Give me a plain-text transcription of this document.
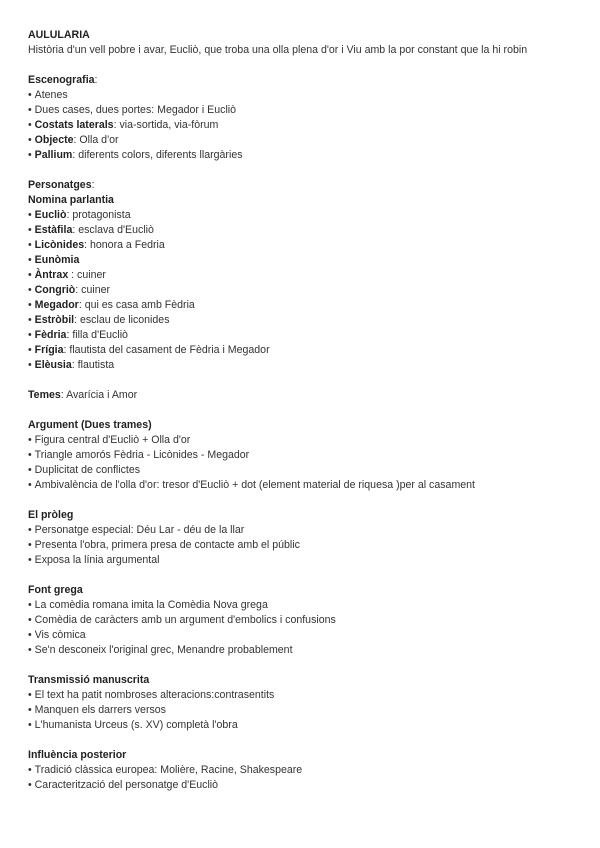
AULULARIA
Història d'un vell pobre i avar, Eucliò, que troba una olla plena d'or i Viu amb la por constant que la hi robin
Escenografia:
• Atenes
• Dues cases, dues portes: Megador i Eucliò
• Costats laterals: via-sortida, via-fòrum
• Objecte: Olla d'or
• Pallium: diferents colors, diferents llargàries
Personatges:
Nomina parlantia
• Eucliò: protagonista
• Estàfila: esclava d'Eucliò
• Licònides: honora a Fedria
• Eunòmia
• Àntrax : cuiner
• Congriò: cuiner
• Megador: qui es casa amb Fèdria
• Estròbil: esclau de liconides
• Fèdria: filla d'Eucliò
• Frígia: flautista del casament de Fèdria i Megador
• Elèusia: flautista
Temes: Avarícia i Amor
Argument (Dues trames)
• Figura central d'Eucliò + Olla d'or
• Triangle amorós Fèdria - Licònides - Megador
• Duplicitat de conflictes
• Ambivalència de l'olla d'or: tresor d'Eucliò + dot (element material de riquesa )per al casament
El pròleg
• Personatge especial: Déu Lar - déu de la llar
• Presenta l'obra, primera presa de contacte amb el públic
• Exposa la línia argumental
Font grega
• La comèdia romana imita la Comèdia Nova grega
• Comèdia de caràcters amb un argument d'embolics i confusions
• Vis còmica
• Se'n desconeix l'original grec, Menandre probablement
Transmissió manuscrita
• El text ha patit nombroses alteracions:contrasentits
• Manquen els darrers versos
• L'humanista Urceus (s. XV) completà l'obra
Influència posterior
• Tradició clàssica europea: Molière, Racine, Shakespeare
• Caracterització del personatge d'Eucliò
